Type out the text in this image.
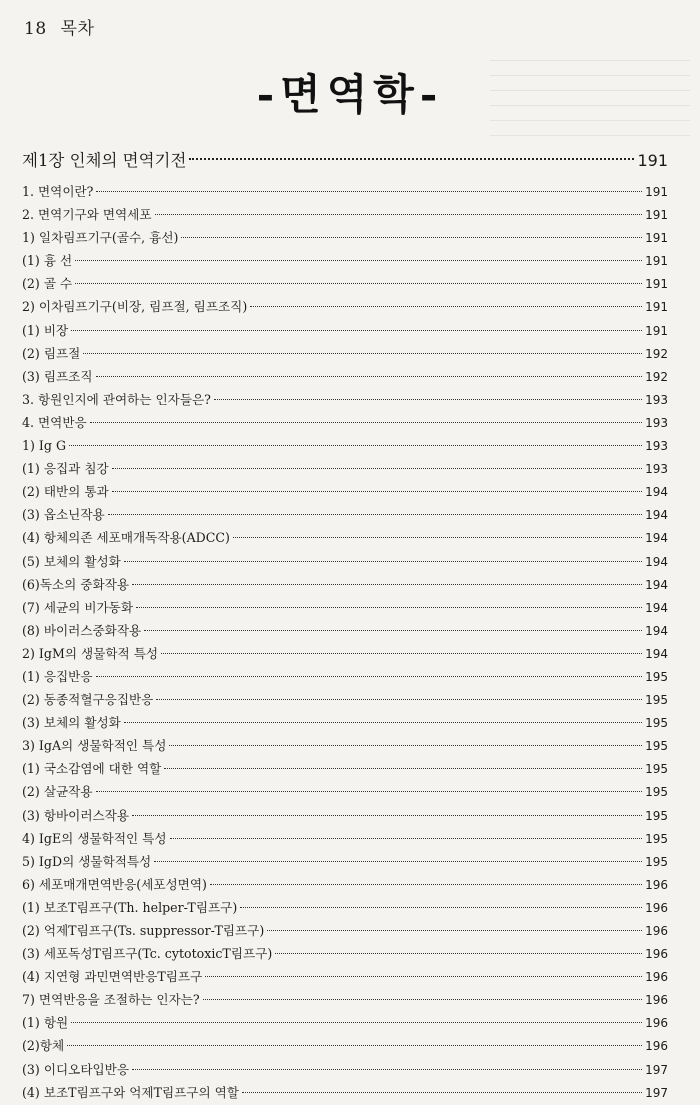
18 목차
-면역학-
제1장 인체의 면역기전	191
1. 면역이란?	191
2. 면역기구와 면역세포	191
1) 일차림프기구(골수, 흉선)	191
(1) 흉 선	191
(2) 골 수	191
2) 이차림프기구(비장, 림프절, 림프조직)	191
(1) 비장	191
(2) 림프절	192
(3) 림프조직	192
3. 항원인지에 관여하는 인자들은?	193
4. 면역반응	193
1) Ig G	193
(1) 응집과 침강	193
(2) 태반의 통과	194
(3) 옵소닌작용	194
(4) 항체의존 세포매개독작용(ADCC)	194
(5) 보체의 활성화	194
(6)독소의 중화작용	194
(7) 세균의 비가동화	194
(8) 바이러스중화작용	194
2) IgM의 생물학적 특성	194
(1) 응집반응	195
(2) 동종적혈구응집반응	195
(3) 보체의 활성화	195
3) IgA의 생물학적인 특성	195
(1) 국소감염에 대한 역할	195
(2) 살균작용	195
(3) 항바이러스작용	195
4) IgE의 생물학적인 특성	195
5) IgD의 생물학적특성	195
6) 세포매개면역반응(세포성면역)	196
(1) 보조T림프구(Th. helper-T림프구)	196
(2) 억제T림프구(Ts. suppressor-T림프구)	196
(3) 세포독성T림프구(Tc. cytotoxicT림프구)	196
(4) 지연형 과민면역반응T림프구	196
7) 면역반응을 조절하는 인자는?	196
(1) 항원	196
(2)항체	196
(3) 이디오타입반응	197
(4) 보조T림프구와 억제T림프구의 역할	197
